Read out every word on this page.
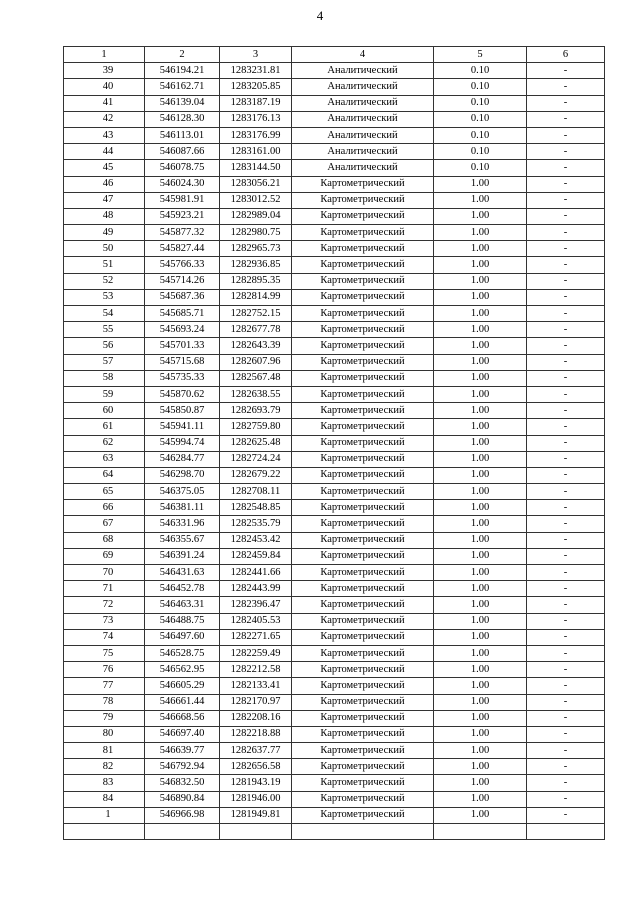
4
1	2	3	4	5	6
39	546194.21	1283231.81	Аналитический	0.10	-
40	546162.71	1283205.85	Аналитический	0.10	-
41	546139.04	1283187.19	Аналитический	0.10	-
42	546128.30	1283176.13	Аналитический	0.10	-
43	546113.01	1283176.99	Аналитический	0.10	-
44	546087.66	1283161.00	Аналитический	0.10	-
45	546078.75	1283144.50	Аналитический	0.10	-
46	546024.30	1283056.21	Картометрический	1.00	-
47	545981.91	1283012.52	Картометрический	1.00	-
48	545923.21	1282989.04	Картометрический	1.00	-
49	545877.32	1282980.75	Картометрический	1.00	-
50	545827.44	1282965.73	Картометрический	1.00	-
51	545766.33	1282936.85	Картометрический	1.00	-
52	545714.26	1282895.35	Картометрический	1.00	-
53	545687.36	1282814.99	Картометрический	1.00	-
54	545685.71	1282752.15	Картометрический	1.00	-
55	545693.24	1282677.78	Картометрический	1.00	-
56	545701.33	1282643.39	Картометрический	1.00	-
57	545715.68	1282607.96	Картометрический	1.00	-
58	545735.33	1282567.48	Картометрический	1.00	-
59	545870.62	1282638.55	Картометрический	1.00	-
60	545850.87	1282693.79	Картометрический	1.00	-
61	545941.11	1282759.80	Картометрический	1.00	-
62	545994.74	1282625.48	Картометрический	1.00	-
63	546284.77	1282724.24	Картометрический	1.00	-
64	546298.70	1282679.22	Картометрический	1.00	-
65	546375.05	1282708.11	Картометрический	1.00	-
66	546381.11	1282548.85	Картометрический	1.00	-
67	546331.96	1282535.79	Картометрический	1.00	-
68	546355.67	1282453.42	Картометрический	1.00	-
69	546391.24	1282459.84	Картометрический	1.00	-
70	546431.63	1282441.66	Картометрический	1.00	-
71	546452.78	1282443.99	Картометрический	1.00	-
72	546463.31	1282396.47	Картометрический	1.00	-
73	546488.75	1282405.53	Картометрический	1.00	-
74	546497.60	1282271.65	Картометрический	1.00	-
75	546528.75	1282259.49	Картометрический	1.00	-
76	546562.95	1282212.58	Картометрический	1.00	-
77	546605.29	1282133.41	Картометрический	1.00	-
78	546661.44	1282170.97	Картометрический	1.00	-
79	546668.56	1282208.16	Картометрический	1.00	-
80	546697.40	1282218.88	Картометрический	1.00	-
81	546639.77	1282637.77	Картометрический	1.00	-
82	546792.94	1282656.58	Картометрический	1.00	-
83	546832.50	1281943.19	Картометрический	1.00	-
84	546890.84	1281946.00	Картометрический	1.00	-
1	546966.98	1281949.81	Картометрический	1.00	-
